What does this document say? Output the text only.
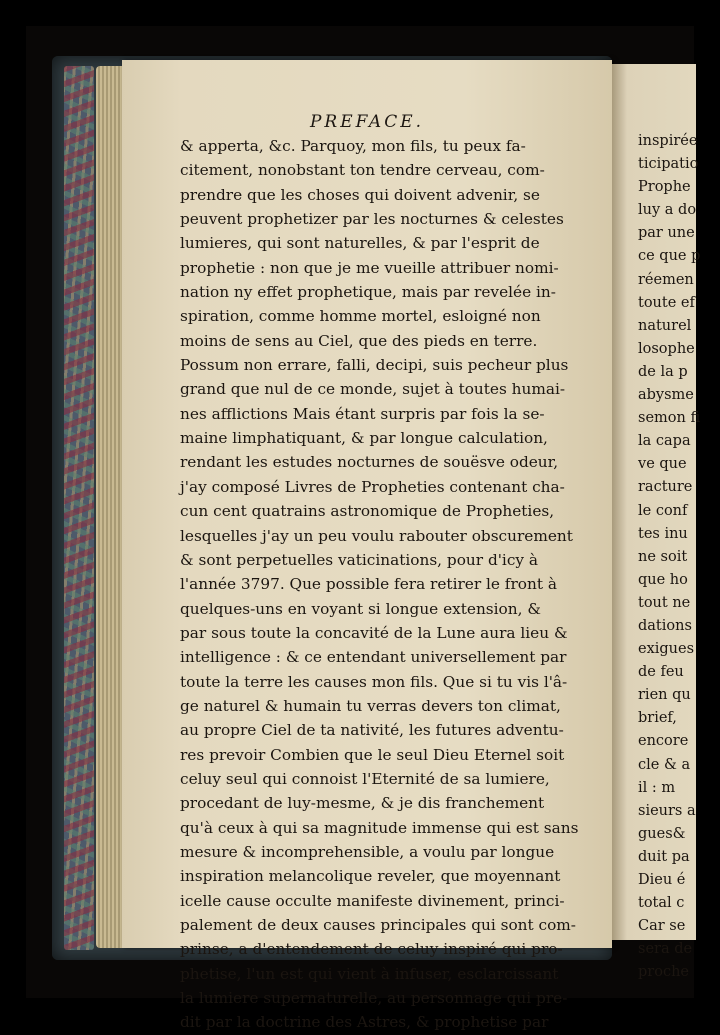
PREFACE.
& apperta, &c. Parquoy, mon fils, tu peux fa-
citement, nonobstant ton tendre cerveau, com-
prendre que les choses qui doivent advenir, se
peuvent prophetizer par les nocturnes & celestes
lumieres, qui sont naturelles, & par l'esprit de
prophetie : non que je me vueille attribuer nomi-
nation ny effet prophetique, mais par revelée in-
spiration, comme homme mortel, esloigné non
moins de sens au Ciel, que des pieds en terre.
Possum non errare, falli, decipi, suis pecheur plus
grand que nul de ce monde, sujet à toutes humai-
nes afflictions Mais étant surpris par fois la se-
maine limphatiquant, & par longue calculation,
rendant les estudes nocturnes de souësve odeur,
j'ay composé Livres de Propheties contenant cha-
cun cent quatrains astronomique de Propheties,
lesquelles j'ay un peu voulu rabouter obscurement
& sont perpetuelles vaticinations, pour d'icy à
l'année 3797. Que possible fera retirer le front à
quelques-uns en voyant si longue extension, &
par sous toute la concavité de la Lune aura lieu &
intelligence : & ce entendant universellement par
toute la terre les causes mon fils. Que si tu vis l'â-
ge naturel & humain tu verras devers ton climat,
au propre Ciel de ta nativité, les futures adventu-
res prevoir Combien que le seul Dieu Eternel soit
celuy seul qui connoist l'Eternité de sa lumiere,
procedant de luy-mesme, & je dis franchement
qu'à ceux à qui sa magnitude immense qui est sans
mesure & incomprehensible, a voulu par longue
inspiration melancolique reveler, que moyennant
icelle cause occulte manifeste divinement, princi-
palement de deux causes principales qui sont com-
prinse, a d'entendement de celuy inspiré qui pro-
phetise, l'un est qui vient à infuser, esclarcissant
la lumiere supernaturelle, au personnage qui pre-
dit par la doctrine des Astres, & prophetise par
inspirée
ticipatio
Prophe
luy a do
par une
ce que p
réemen
toute ef
naturel
losophe
de la p
abysme
semon fi
la capa
ve que
racture
le conf
tes inu
ne soit
que ho
tout ne
dations
exigues
de feu
rien qu
brief,
encore
cle & a
il : m
sieurs a
gues&
duit pa
Dieu é
total c
Car se
sera de
proche
